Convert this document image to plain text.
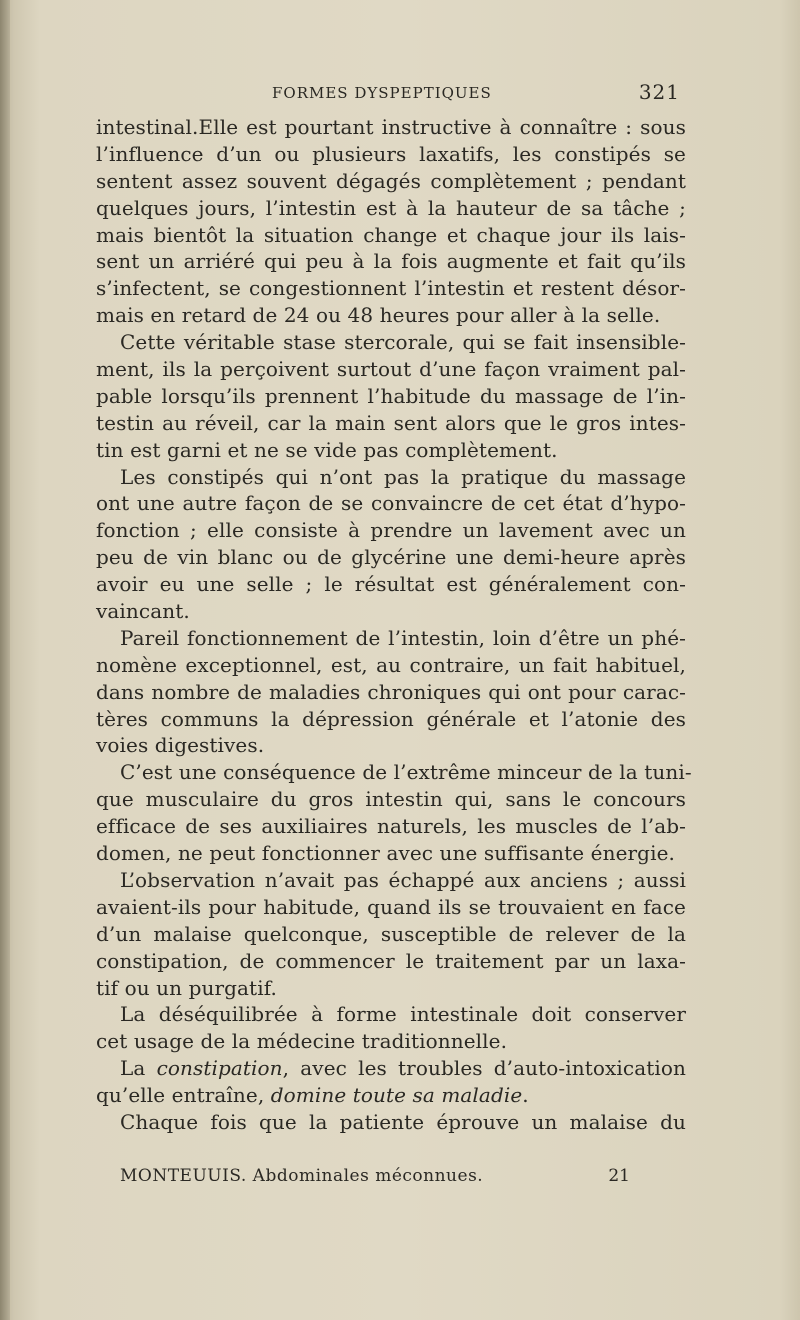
FORMES DYSPEPTIQUES	321
intestinal.Elle est pourtant instructive à connaître : sous
l’influence d’un ou plusieurs laxatifs, les constipés se
sentent assez souvent dégagés complètement ; pendant
quelques jours, l’intestin est à la hauteur de sa tâche ;
mais bientôt la situation change et chaque jour ils lais-
sent un arriéré qui peu à la fois augmente et fait qu’ils
s’infectent, se congestionnent l’intestin et restent désor-
mais en retard de 24 ou 48 heures pour aller à la selle.
Cette véritable stase stercorale, qui se fait insensible-
ment, ils la perçoivent surtout d’une façon vraiment pal-
pable lorsqu’ils prennent l’habitude du massage de l’in-
testin au réveil, car la main sent alors que le gros intes-
tin est garni et ne se vide pas complètement.
Les constipés qui n’ont pas la pratique du massage
ont une autre façon de se convaincre de cet état d’hypo-
fonction ; elle consiste à prendre un lavement avec un
peu de vin blanc ou de glycérine une demi-heure après
avoir eu une selle ; le résultat est généralement con-
vaincant.
Pareil fonctionnement de l’intestin, loin d’être un phé-
nomène exceptionnel, est, au contraire, un fait habituel,
dans nombre de maladies chroniques qui ont pour carac-
tères communs la dépression générale et l’atonie des
voies digestives.
C’est une conséquence de l’extrême minceur de la tuni-
que musculaire du gros intestin qui, sans le concours
efficace de ses auxiliaires naturels, les muscles de l’ab-
domen, ne peut fonctionner avec une suffisante énergie.
L’observation n’avait pas échappé aux anciens ; aussi
avaient-ils pour habitude, quand ils se trouvaient en face
d’un malaise quelconque, susceptible de relever de la
constipation, de commencer le traitement par un laxa-
tif ou un purgatif.
La déséquilibrée à forme intestinale doit conserver
cet usage de la médecine traditionnelle.
La constipation, avec les troubles d’auto-intoxication
qu’elle entraîne, domine toute sa maladie.
Chaque fois que la patiente éprouve un malaise du
MONTEUUIS. Abdominales méconnues.	21
